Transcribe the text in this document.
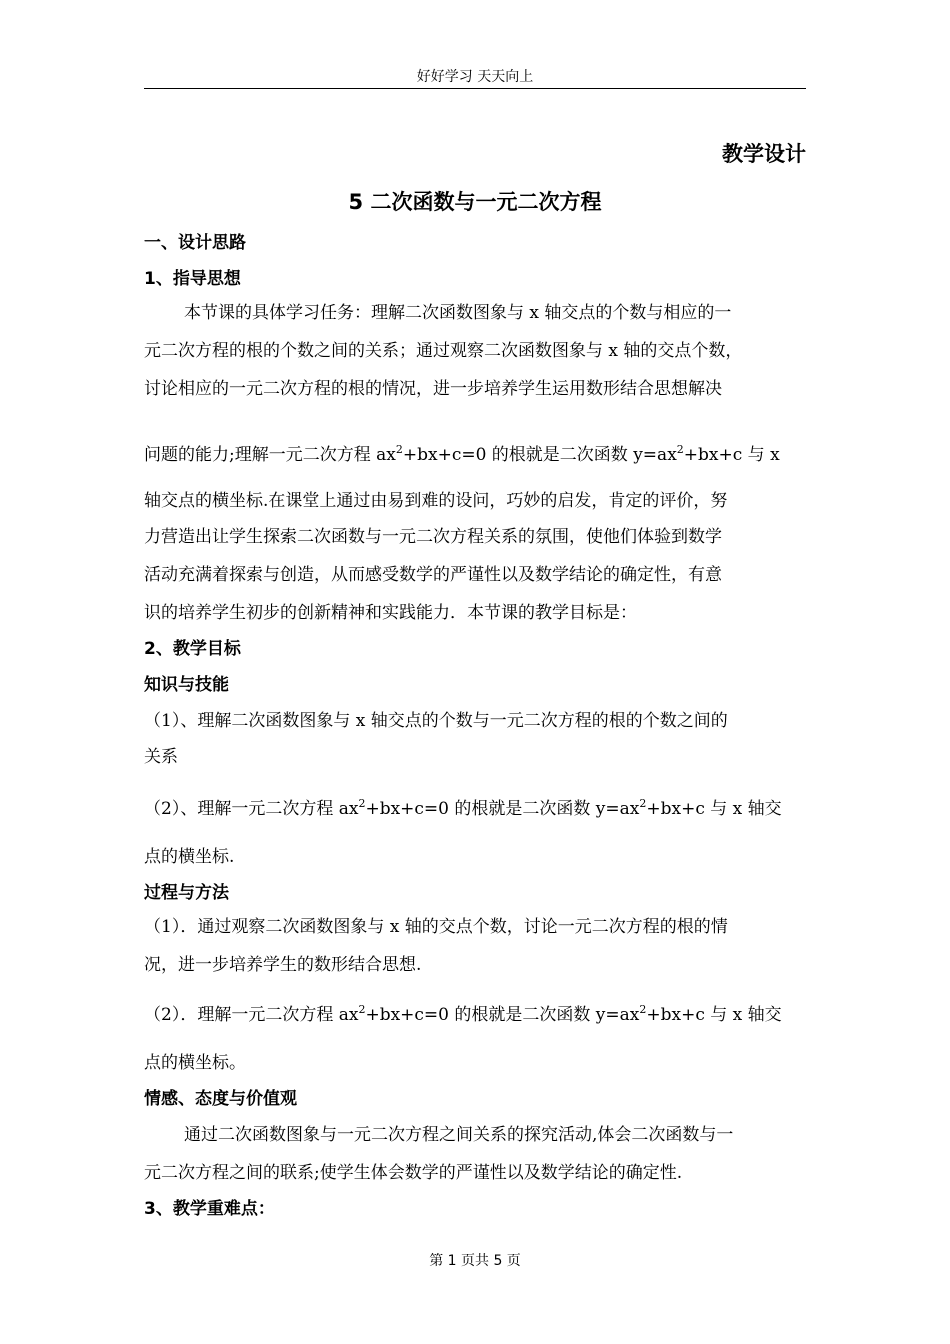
好好学习 天天向上
教学设计
5 二次函数与一元二次方程
一、设计思路
1、指导思想
本节课的具体学习任务：理解二次函数图象与 x 轴交点的个数与相应的一
元二次方程的根的个数之间的关系；通过观察二次函数图象与 x 轴的交点个数，
讨论相应的一元二次方程的根的情况，进一步培养学生运用数形结合思想解决
问题的能力;理解一元二次方程 $ax^2+bx+c=0$ 的根就是二次函数 $y=ax^2+bx+c$ 与 x
轴交点的横坐标.在课堂上通过由易到难的设问，巧妙的启发，肯定的评价，努
力营造出让学生探索二次函数与一元二次方程关系的氛围，使他们体验到数学
活动充满着探索与创造，从而感受数学的严谨性以及数学结论的确定性，有意
识的培养学生初步的创新精神和实践能力．本节课的教学目标是：
2、教学目标
知识与技能
（1）、理解二次函数图象与 x 轴交点的个数与一元二次方程的根的个数之间的
关系
（2）、理解一元二次方程 $ax^2+bx+c=0$ 的根就是二次函数 $y=ax^2+bx+c$ 与 x 轴交
点的横坐标.
过程与方法
（1）．通过观察二次函数图象与 x 轴的交点个数，讨论一元二次方程的根的情
况，进一步培养学生的数形结合思想.
（2）．理解一元二次方程 $ax^2+bx+c=0$ 的根就是二次函数 $y=ax^2+bx+c$ 与 x 轴交
点的横坐标。
情感、态度与价值观
通过二次函数图象与一元二次方程之间关系的探究活动,体会二次函数与一
元二次方程之间的联系;使学生体会数学的严谨性以及数学结论的确定性.
3、教学重难点：
第 1 页共 5 页
